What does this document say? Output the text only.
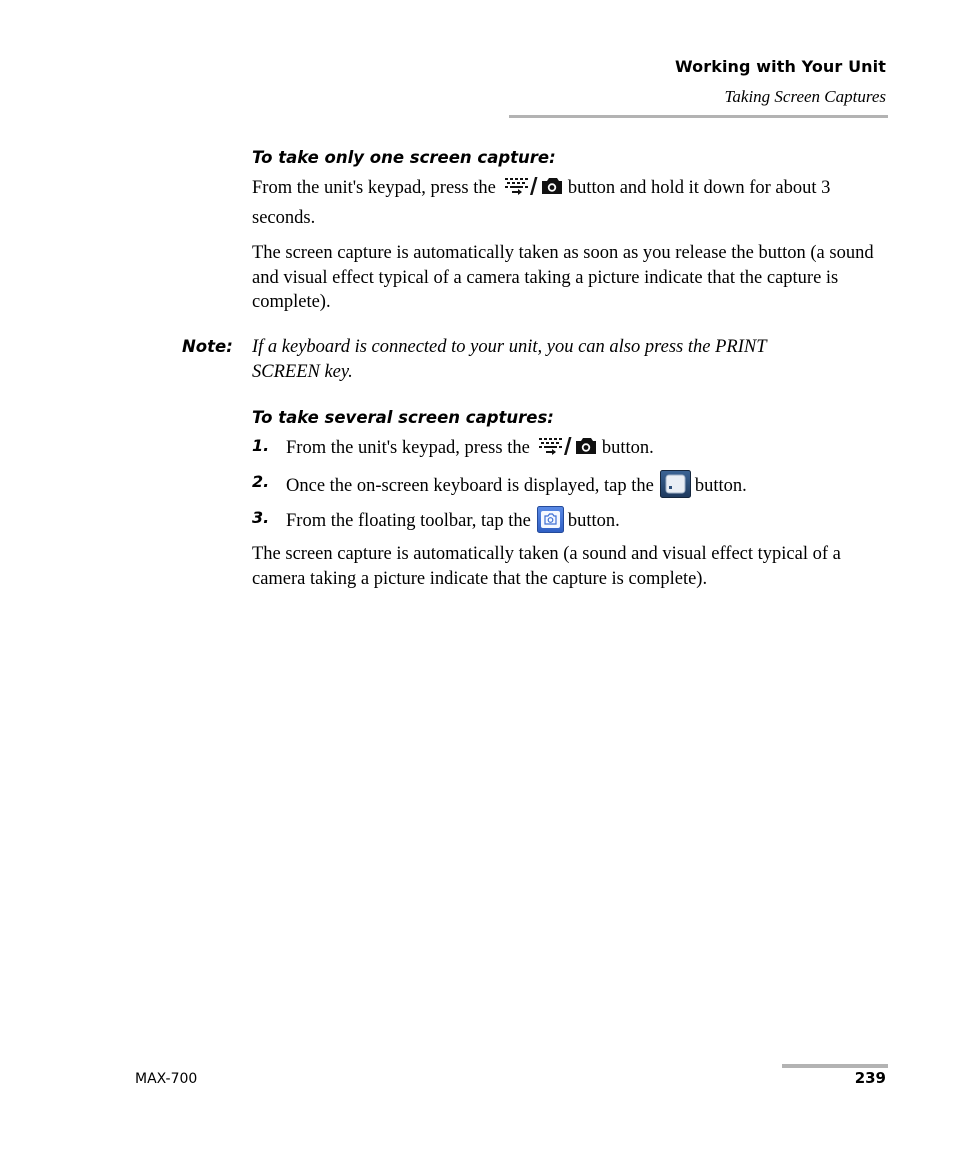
Working with Your Unit
Taking Screen Captures

To take only one screen capture:

From the unit's keypad, press the	button and hold it down for about 3 seconds.

The screen capture is automatically taken as soon as you release the button (a sound and visual effect typical of a camera taking a picture indicate that the capture is complete).

Note: If a keyboard is connected to your unit, you can also press the PRINT SCREEN key.

To take several screen captures:

1. From the unit's keypad, press the	button.
2. Once the on-screen keyboard is displayed, tap the button.
3. From the floating toolbar, tap the button.

The screen capture is automatically taken (a sound and visual effect typical of a camera taking a picture indicate that the capture is complete).

MAX-700	239
